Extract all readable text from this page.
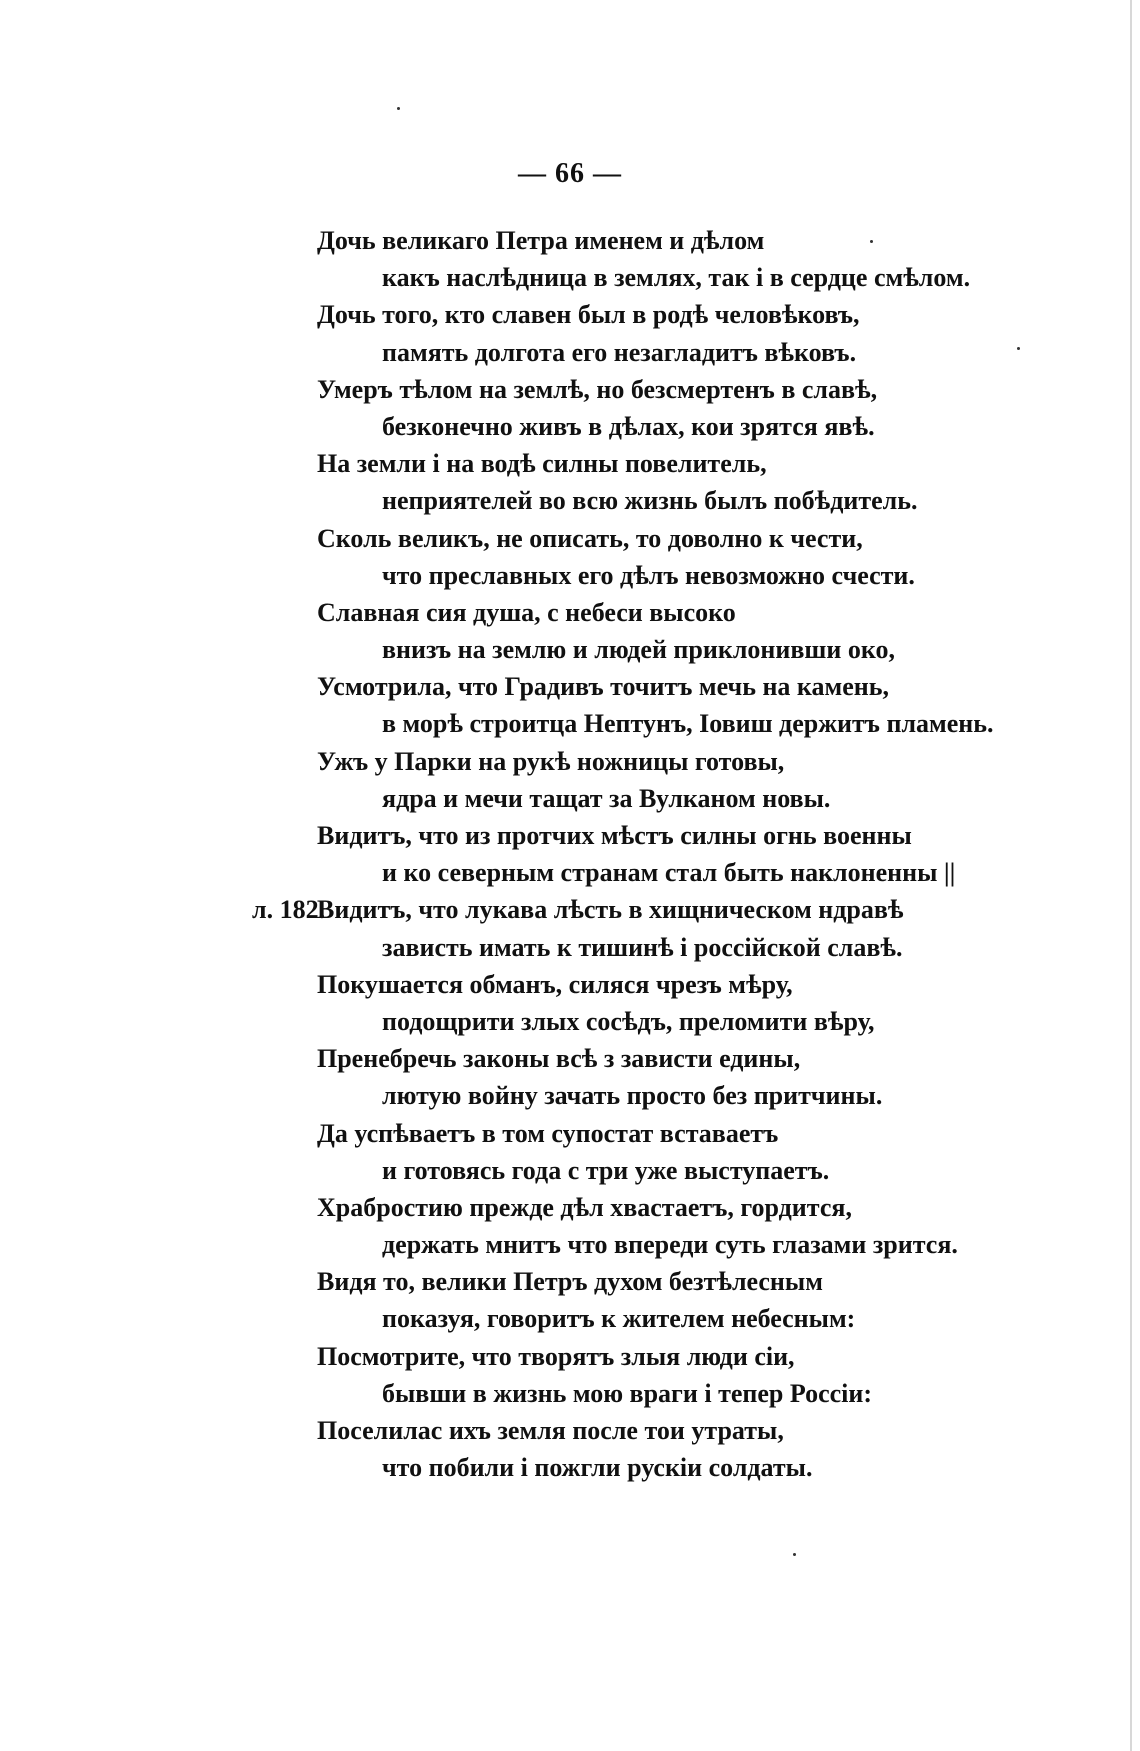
— 66 —
Дочь великаго Петра именем и дѣлом
какъ наслѣдница в землях, так і в сердце смѣлом.
Дочь того, кто славен был в родѣ человѣковъ,
память долгота его незагладитъ вѣковъ.
Умеръ тѣлом на землѣ, но безсмертенъ в славѣ,
безконечно живъ в дѣлах, кои зрятся явѣ.
На земли і на водѣ силны повелитель,
неприятелей во всю жизнь былъ побѣдитель.
Сколь великъ, не описать, то доволно к чести,
что преславных его дѣлъ невозможно счести.
Славная сия душа, с небеси высоко
внизъ на землю и людей приклонивши око,
Усмотрила, что Градивъ точитъ мечь на камень,
в морѣ строитца Нептунъ, Іовиш держитъ пламень.
Ужъ у Парки на рукѣ ножницы готовы,
ядра и мечи тащат за Вулканом новы.
Видитъ, что из протчих мѣстъ силны огнь военны
и ко северным странам стал быть наклоненны ||
л. 182.
Видитъ, что лукава лѣсть в хищническом ндравѣ
зависть имать к тишинѣ і россійской славѣ.
Покушается обманъ, силяся чрезъ мѣру,
подощрити злых сосѣдъ, преломити вѣру,
Пренебречь законы всѣ з зависти едины,
лютую войну зачать просто без притчины.
Да успѣваетъ в том супостат вставаетъ
и готовясь года с три уже выступаетъ.
Храбростию прежде дѣл хвастаетъ, гордится,
держать мнитъ что впереди суть глазами зрится.
Видя то, велики Петръ духом безтѣлесным
показуя, говоритъ к жителем небесным:
Посмотрите, что творятъ злыя люди сіи,
бывши в жизнь мою враги і тепер Россіи:
Поселилас ихъ земля после тои утраты,
что побили і пожгли рускіи солдаты.
